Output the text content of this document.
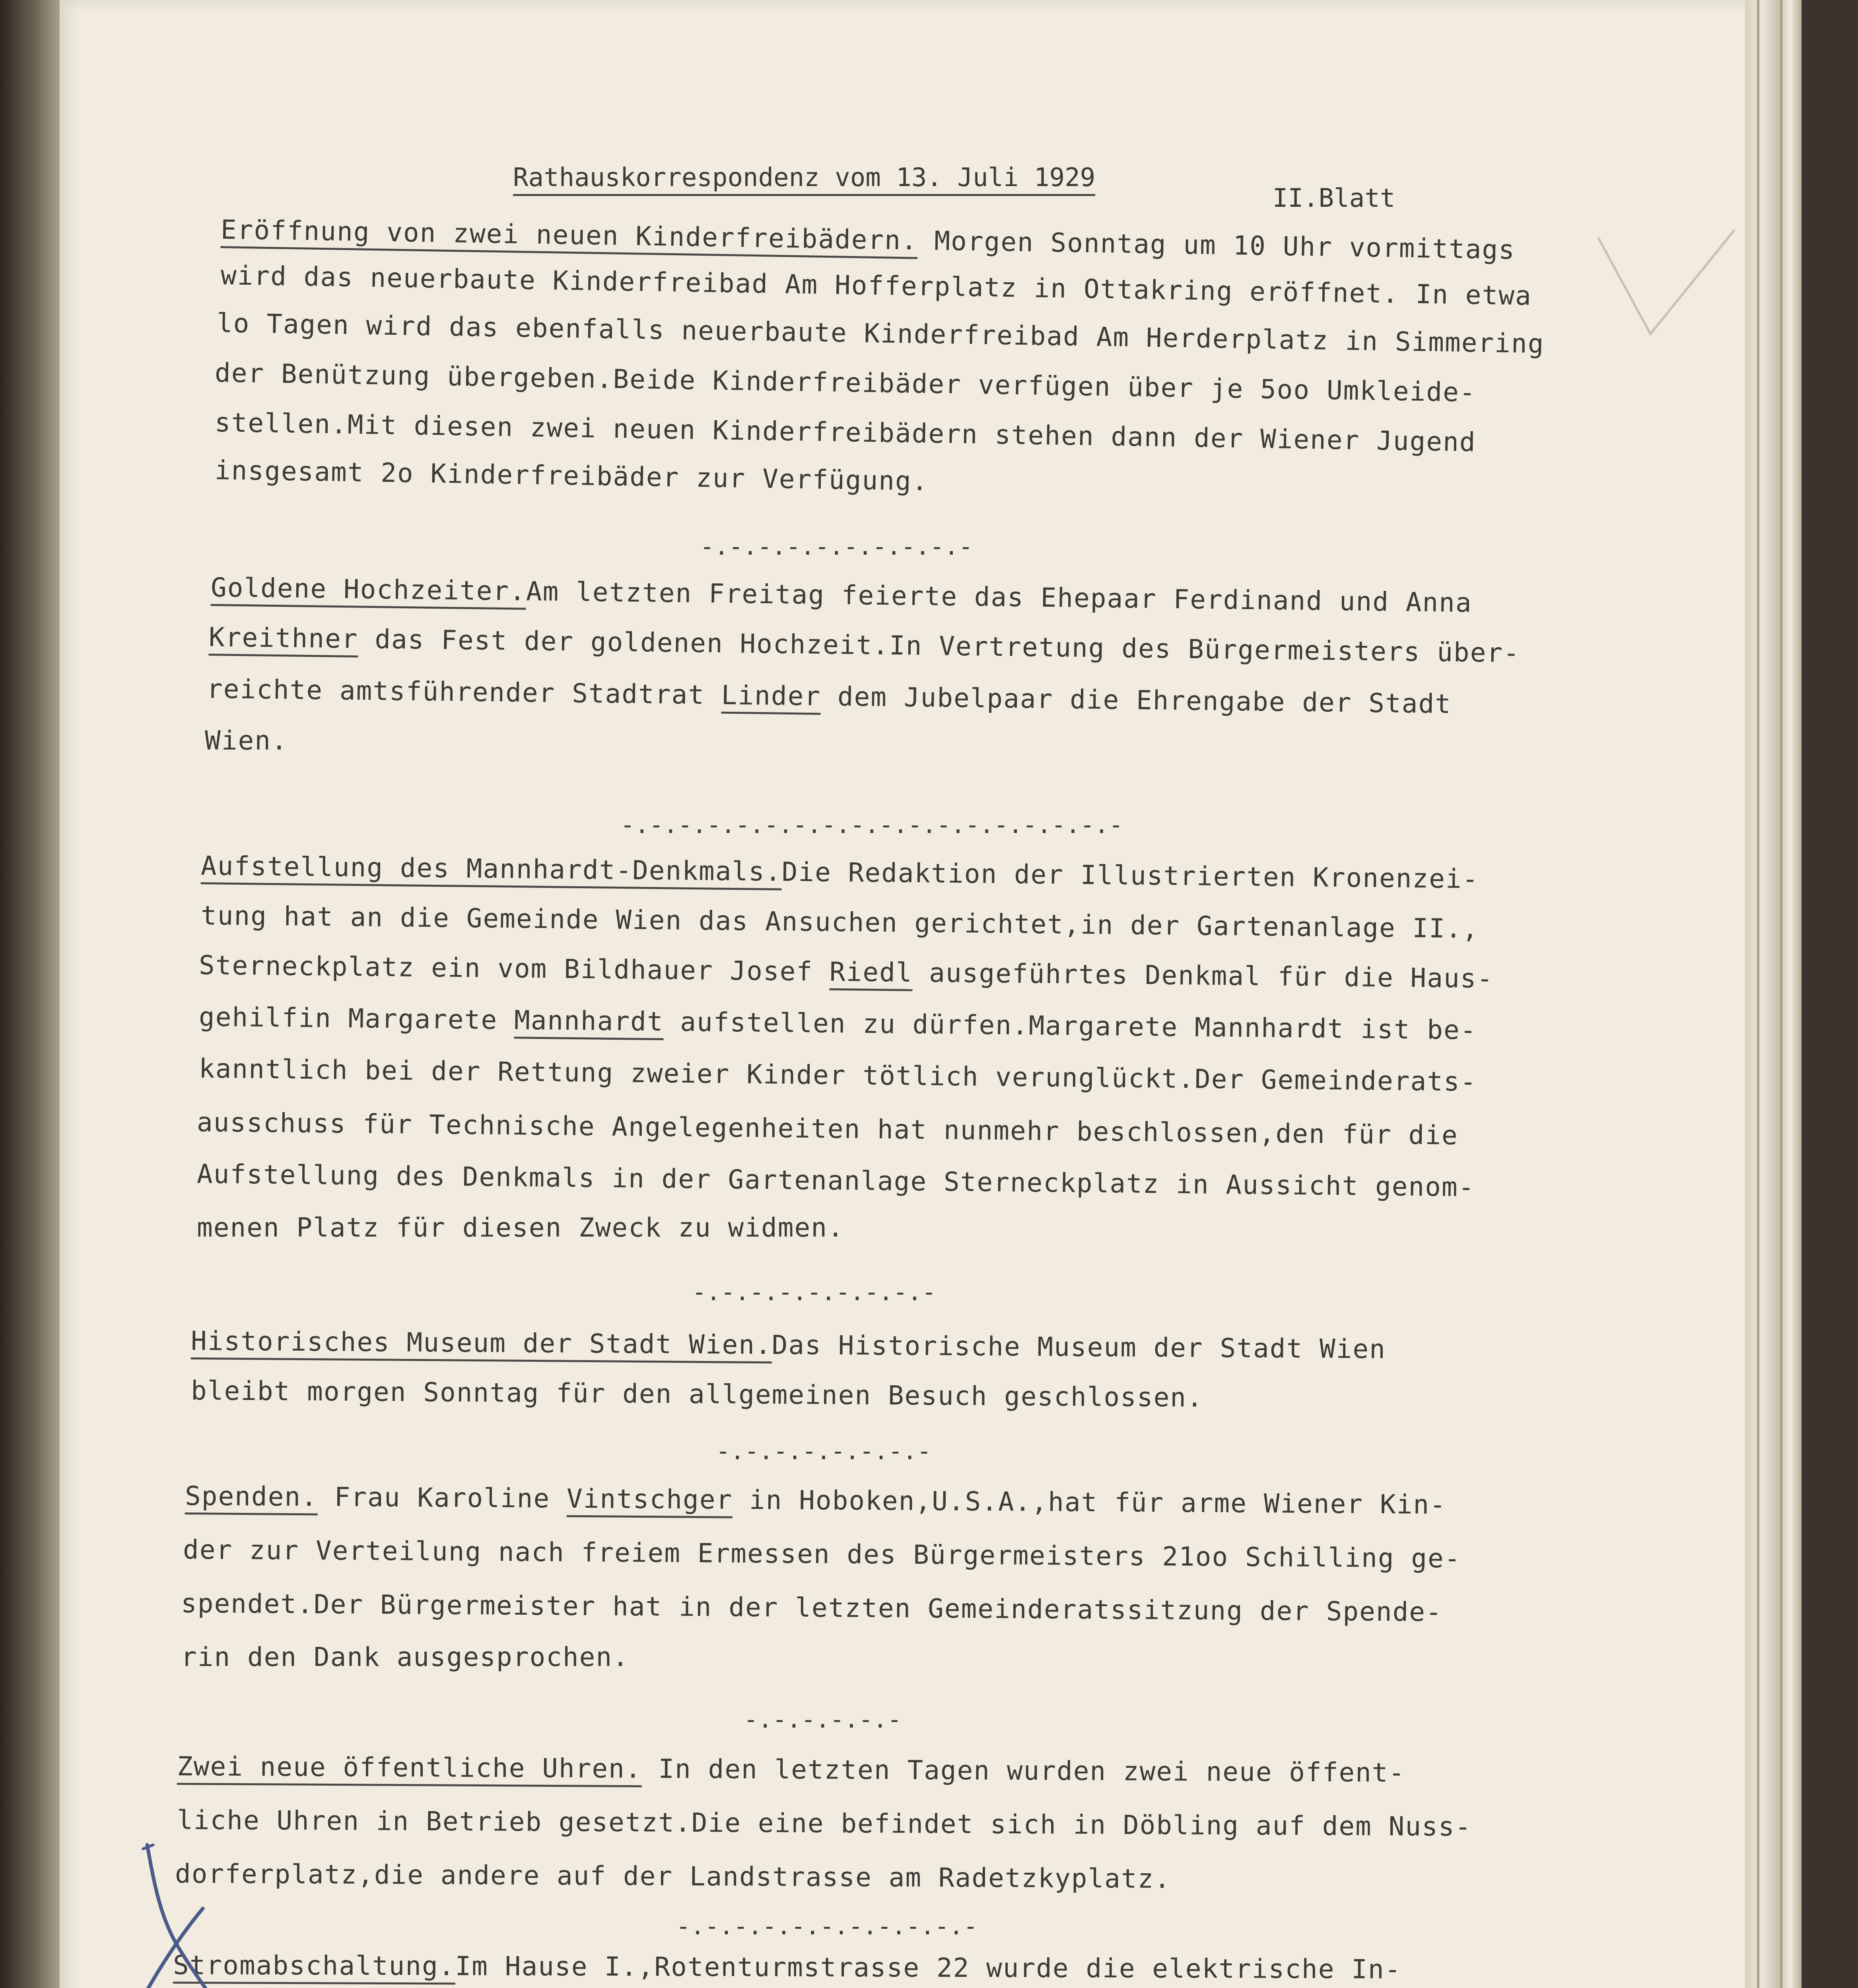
Rathauskorrespondenz vom 13. Juli 1929
II.Blatt
Eröffnung von zwei neuen Kinderfreibädern. Morgen Sonntag um 10 Uhr vormittags
wird das neuerbaute Kinderfreibad Am Hofferplatz in Ottakring eröffnet. In etwa
lo Tagen wird das ebenfalls neuerbaute Kinderfreibad Am Herderplatz in Simmering
der Benützung übergeben.Beide Kinderfreibäder verfügen über je 5oo Umkleide-
stellen.Mit diesen zwei neuen Kinderfreibädern stehen dann der Wiener Jugend
insgesamt 2o Kinderfreibäder zur Verfügung.
-.-.-.-.-.-.-.-.-.-
Goldene Hochzeiter.Am letzten Freitag feierte das Ehepaar Ferdinand und Anna
Kreithner das Fest der goldenen Hochzeit.In Vertretung des Bürgermeisters über-
reichte amtsführender Stadtrat Linder dem Jubelpaar die Ehrengabe der Stadt
Wien.
-.-.-.-.-.-.-.-.-.-.-.-.-.-.-.-.-.-
Aufstellung des Mannhardt-Denkmals.Die Redaktion der Illustrierten Kronenzei-
tung hat an die Gemeinde Wien das Ansuchen gerichtet,in der Gartenanlage II.,
Sterneckplatz ein vom Bildhauer Josef Riedl ausgeführtes Denkmal für die Haus-
gehilfin Margarete Mannhardt aufstellen zu dürfen.Margarete Mannhardt ist be-
kanntlich bei der Rettung zweier Kinder tötlich verunglückt.Der Gemeinderats-
ausschuss für Technische Angelegenheiten hat nunmehr beschlossen,den für die
Aufstellung des Denkmals in der Gartenanlage Sterneckplatz in Aussicht genom-
menen Platz für diesen Zweck zu widmen.
-.-.-.-.-.-.-.-.-
Historisches Museum der Stadt Wien.Das Historische Museum der Stadt Wien
bleibt morgen Sonntag für den allgemeinen Besuch geschlossen.
-.-.-.-.-.-.-.-
Spenden. Frau Karoline Vintschger in Hoboken,U.S.A.,hat für arme Wiener Kin-
der zur Verteilung nach freiem Ermessen des Bürgermeisters 21oo Schilling ge-
spendet.Der Bürgermeister hat in der letzten Gemeinderatssitzung der Spende-
rin den Dank ausgesprochen.
-.-.-.-.-.-
Zwei neue öffentliche Uhren. In den letzten Tagen wurden zwei neue öffent-
liche Uhren in Betrieb gesetzt.Die eine befindet sich in Döbling auf dem Nuss-
dorferplatz,die andere auf der Landstrasse am Radetzkyplatz.
-.-.-.-.-.-.-.-.-.-.-
Stromabschaltung.Im Hause I.,Rotenturmstrasse 22 wurde die elektrische In-
